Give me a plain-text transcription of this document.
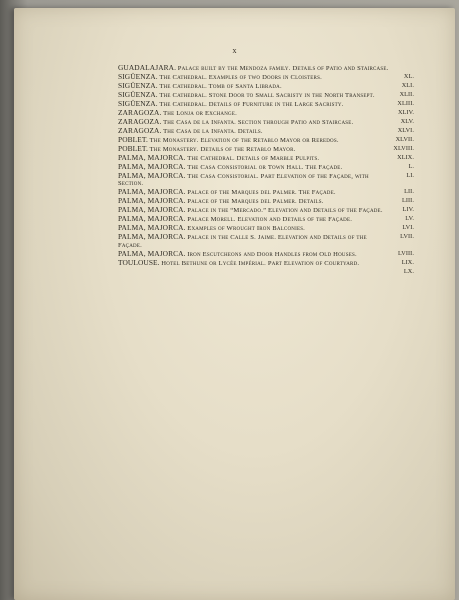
x
GUADALAJARA. Palace built by the Mendoza family. Details of Patio and Staircase.
SIGÜENZA. The Cathedral. Examples of two Doors in Cloisters.	XL.
SIGÜENZA. The Cathedral. Tomb of Santa Librada.	XLI.
SIGÜENZA. The Cathedral. Stone Door to Small Sacristy in the North Transept.	XLII.
SIGÜENZA. The Cathedral. Details of Furniture in the Large Sacristy.	XLIII.
ZARAGOZA. The Lonja or Exchange.	XLIV.
ZARAGOZA. The Casa de la Infanta. Section through Patio and Staircase.	XLV.
ZARAGOZA. The Casa de la Infanta. Details.	XLVI.
POBLET. The Monastery. Elevation of the Retablo Mayor or Reredos.	XLVII.
POBLET. The Monastery. Details of the Retablo Mayor.	XLVIII.
PALMA, MAJORCA. The Cathedral. Details of Marble Pulpits.	XLIX.
PALMA, MAJORCA. The Casa Consistorial or Town Hall. The Façade.	L.
PALMA, MAJORCA. The Casa Consistorial. Part Elevation of the Façade, with Section.
LI.
PALMA, MAJORCA. Palace of the Marques del Palmer. The Façade.	LII.
PALMA, MAJORCA. Palace of the Marques del Palmer. Details.	LIII.
PALMA, MAJORCA. Palace in the “Mercado.” Elevation and Details of the Façade.	LIV.
PALMA, MAJORCA. Palace Morell. Elevation and Details of the Façade.	LV.
PALMA, MAJORCA. Examples of Wrought Iron Balconies.	LVI.
PALMA, MAJORCA. Palace in the Calle S. Jaime. Elevation and Details of the Façade.
LVII.
PALMA, MAJORCA. Iron Escutcheons and Door Handles from Old Houses.	LVIII.
TOULOUSE. Hotel Bethune or Lycée Impérial. Part Elevation of Courtyard.	LIX.
LX.
